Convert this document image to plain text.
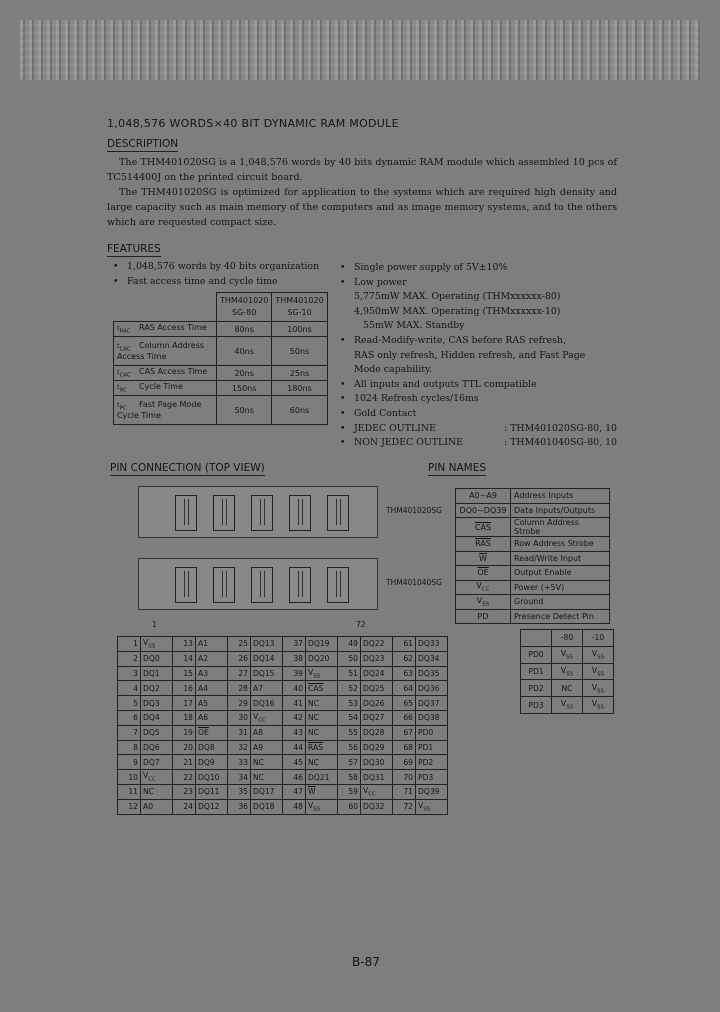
1,048,576 WORDS×40 BIT DYNAMIC RAM MODULE
DESCRIPTION

The THM401020SG is a 1,048,576 words by 40 bits dynamic RAM module which assembled 10 pcs of TC514400J on the printed circuit board.

The THM401020SG is optimized for application to the systems which are required high density and large capacity such as main memory of the computers and as image memory systems, and to the others which are requested compact size.

FEATURES
• 1,048,576 words by 40 bits organization
• Fast access time and cycle time
	THM401020
SG-80	THM401020
SG-10
$t_{RAC}$ RAS Access Time	80ns	100ns
$t_{CAC}$ Column Address Access Time	40ns	50ns
$t_{CAC}$ CAS Access Time	20ns	25ns
$t_{RC}$ Cycle Time	150ns	180ns
$t_{PC}$ Fast Page Mode Cycle Time	50ns	60ns
• Single power supply of 5V±10%
• Low power
5,775mW MAX. Operating (THMxxxxxx-80)
4,950mW MAX. Operating (THMxxxxxx-10)
55mW MAX. Standby
• Read-Modify-write, CAS before RAS refresh,
RAS only refresh, Hidden refresh, and Fast Page
Mode capability.
• All inputs and outputs TTL compatible
• 1024 Refresh cycles/16ms
• Gold Contact
• JEDEC OUTLINE
• NON JEDEC OUTLINE
: THM401020SG-80, 10
: THM401040SG-80, 10
PIN CONNECTION (TOP VIEW)	PIN NAMES
THM401020SG
THM401040SG
1	72
A0~A9	Address Inputs
DQ0~DQ39	Data Inputs/Outputs
$\overline{CAS}$	Column Address Strobe
$\overline{RAS}$	Row Address Strobe
$\overline{W}$	Read/Write Input
$\overline{OE}$	Output Enable
$V_{CC}$	Power (+5V)
$V_{SS}$	Ground
PD	Presence Detect Pin
1	$V_{SS}$	13	A1	25	DQ13	37	DQ19	49	DQ22	61	DQ33
2	DQ0	14	A2	26	DQ14	38	DQ20	50	DQ23	62	DQ34
3	DQ1	15	A3	27	DQ15	39	$V_{SS}$	51	DQ24	63	DQ35
4	DQ2	16	A4	28	A7	40	$\overline{CAS}$	52	DQ25	64	DQ36
5	DQ3	17	A5	29	DQ16	41	NC	53	DQ26	65	DQ37
6	DQ4	18	A6	30	$V_{CC}$	42	NC	54	DQ27	66	DQ38
7	DQ5	19	$\overline{OE}$	31	A8	43	NC	55	DQ28	67	PD0
8	DQ6	20	DQ8	32	A9	44	$\overline{RAS}$	56	DQ29	68	PD1
9	DQ7	21	DQ9	33	NC	45	NC	57	DQ30	69	PD2
10	$V_{CC}$	22	DQ10	34	NC	46	DQ21	58	DQ31	70	PD3
11	NC	23	DQ11	35	DQ17	47	$\overline{W}$	59	$V_{CC}$	71	DQ39
12	A0	24	DQ12	36	DQ18	48	$V_{SS}$	60	DQ32	72	$V_{SS}$
	-80	-10
PD0	$V_{SS}$	$V_{SS}$
PD1	$V_{SS}$	$V_{SS}$
PD2	NC	$V_{SS}$
PD3	$V_{SS}$	$V_{SS}$
B-87
